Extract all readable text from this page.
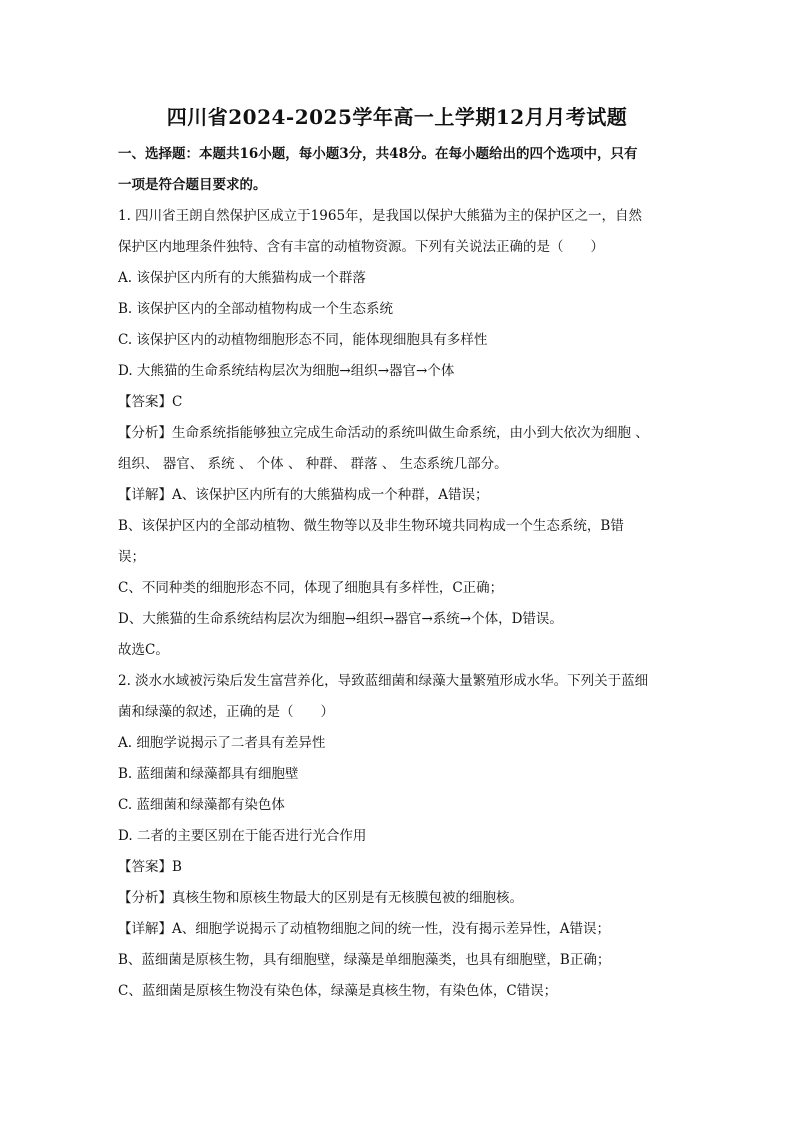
四川省2024-2025学年高一上学期12月月考试题
一、选择题：本题共16小题，每小题3分，共48分。在每小题给出的四个选项中，只有
一项是符合题目要求的。
1. 四川省王朗自然保护区成立于1965年，是我国以保护大熊猫为主的保护区之一，自然
保护区内地理条件独特、含有丰富的动植物资源。下列有关说法正确的是（　　）
A. 该保护区内所有的大熊猫构成一个群落
B. 该保护区内的全部动植物构成一个生态系统
C. 该保护区内的动植物细胞形态不同，能体现细胞具有多样性
D. 大熊猫的生命系统结构层次为细胞→组织→器官→个体
【答案】C
【分析】生命系统指能够独立完成生命活动的系统叫做生命系统，由小到大依次为细胞 、
组织、 器官、 系统 、 个体 、 种群、 群落 、 生态系统几部分。
【详解】A、该保护区内所有的大熊猫构成一个种群，A错误；
B、该保护区内的全部动植物、微生物等以及非生物环境共同构成一个生态系统，B错
误；
C、不同种类的细胞形态不同，体现了细胞具有多样性，C正确；
D、大熊猫的生命系统结构层次为细胞→组织→器官→系统→个体，D错误。
故选C。
2. 淡水水域被污染后发生富营养化，导致蓝细菌和绿藻大量繁殖形成水华。下列关于蓝细
菌和绿藻的叙述，正确的是（　　）
A. 细胞学说揭示了二者具有差异性
B. 蓝细菌和绿藻都具有细胞壁
C. 蓝细菌和绿藻都有染色体
D. 二者的主要区别在于能否进行光合作用
【答案】B
【分析】真核生物和原核生物最大的区别是有无核膜包被的细胞核。
【详解】A、细胞学说揭示了动植物细胞之间的统一性，没有揭示差异性，A错误；
B、蓝细菌是原核生物，具有细胞壁，绿藻是单细胞藻类，也具有细胞壁，B正确；
C、蓝细菌是原核生物没有染色体，绿藻是真核生物，有染色体，C错误；
